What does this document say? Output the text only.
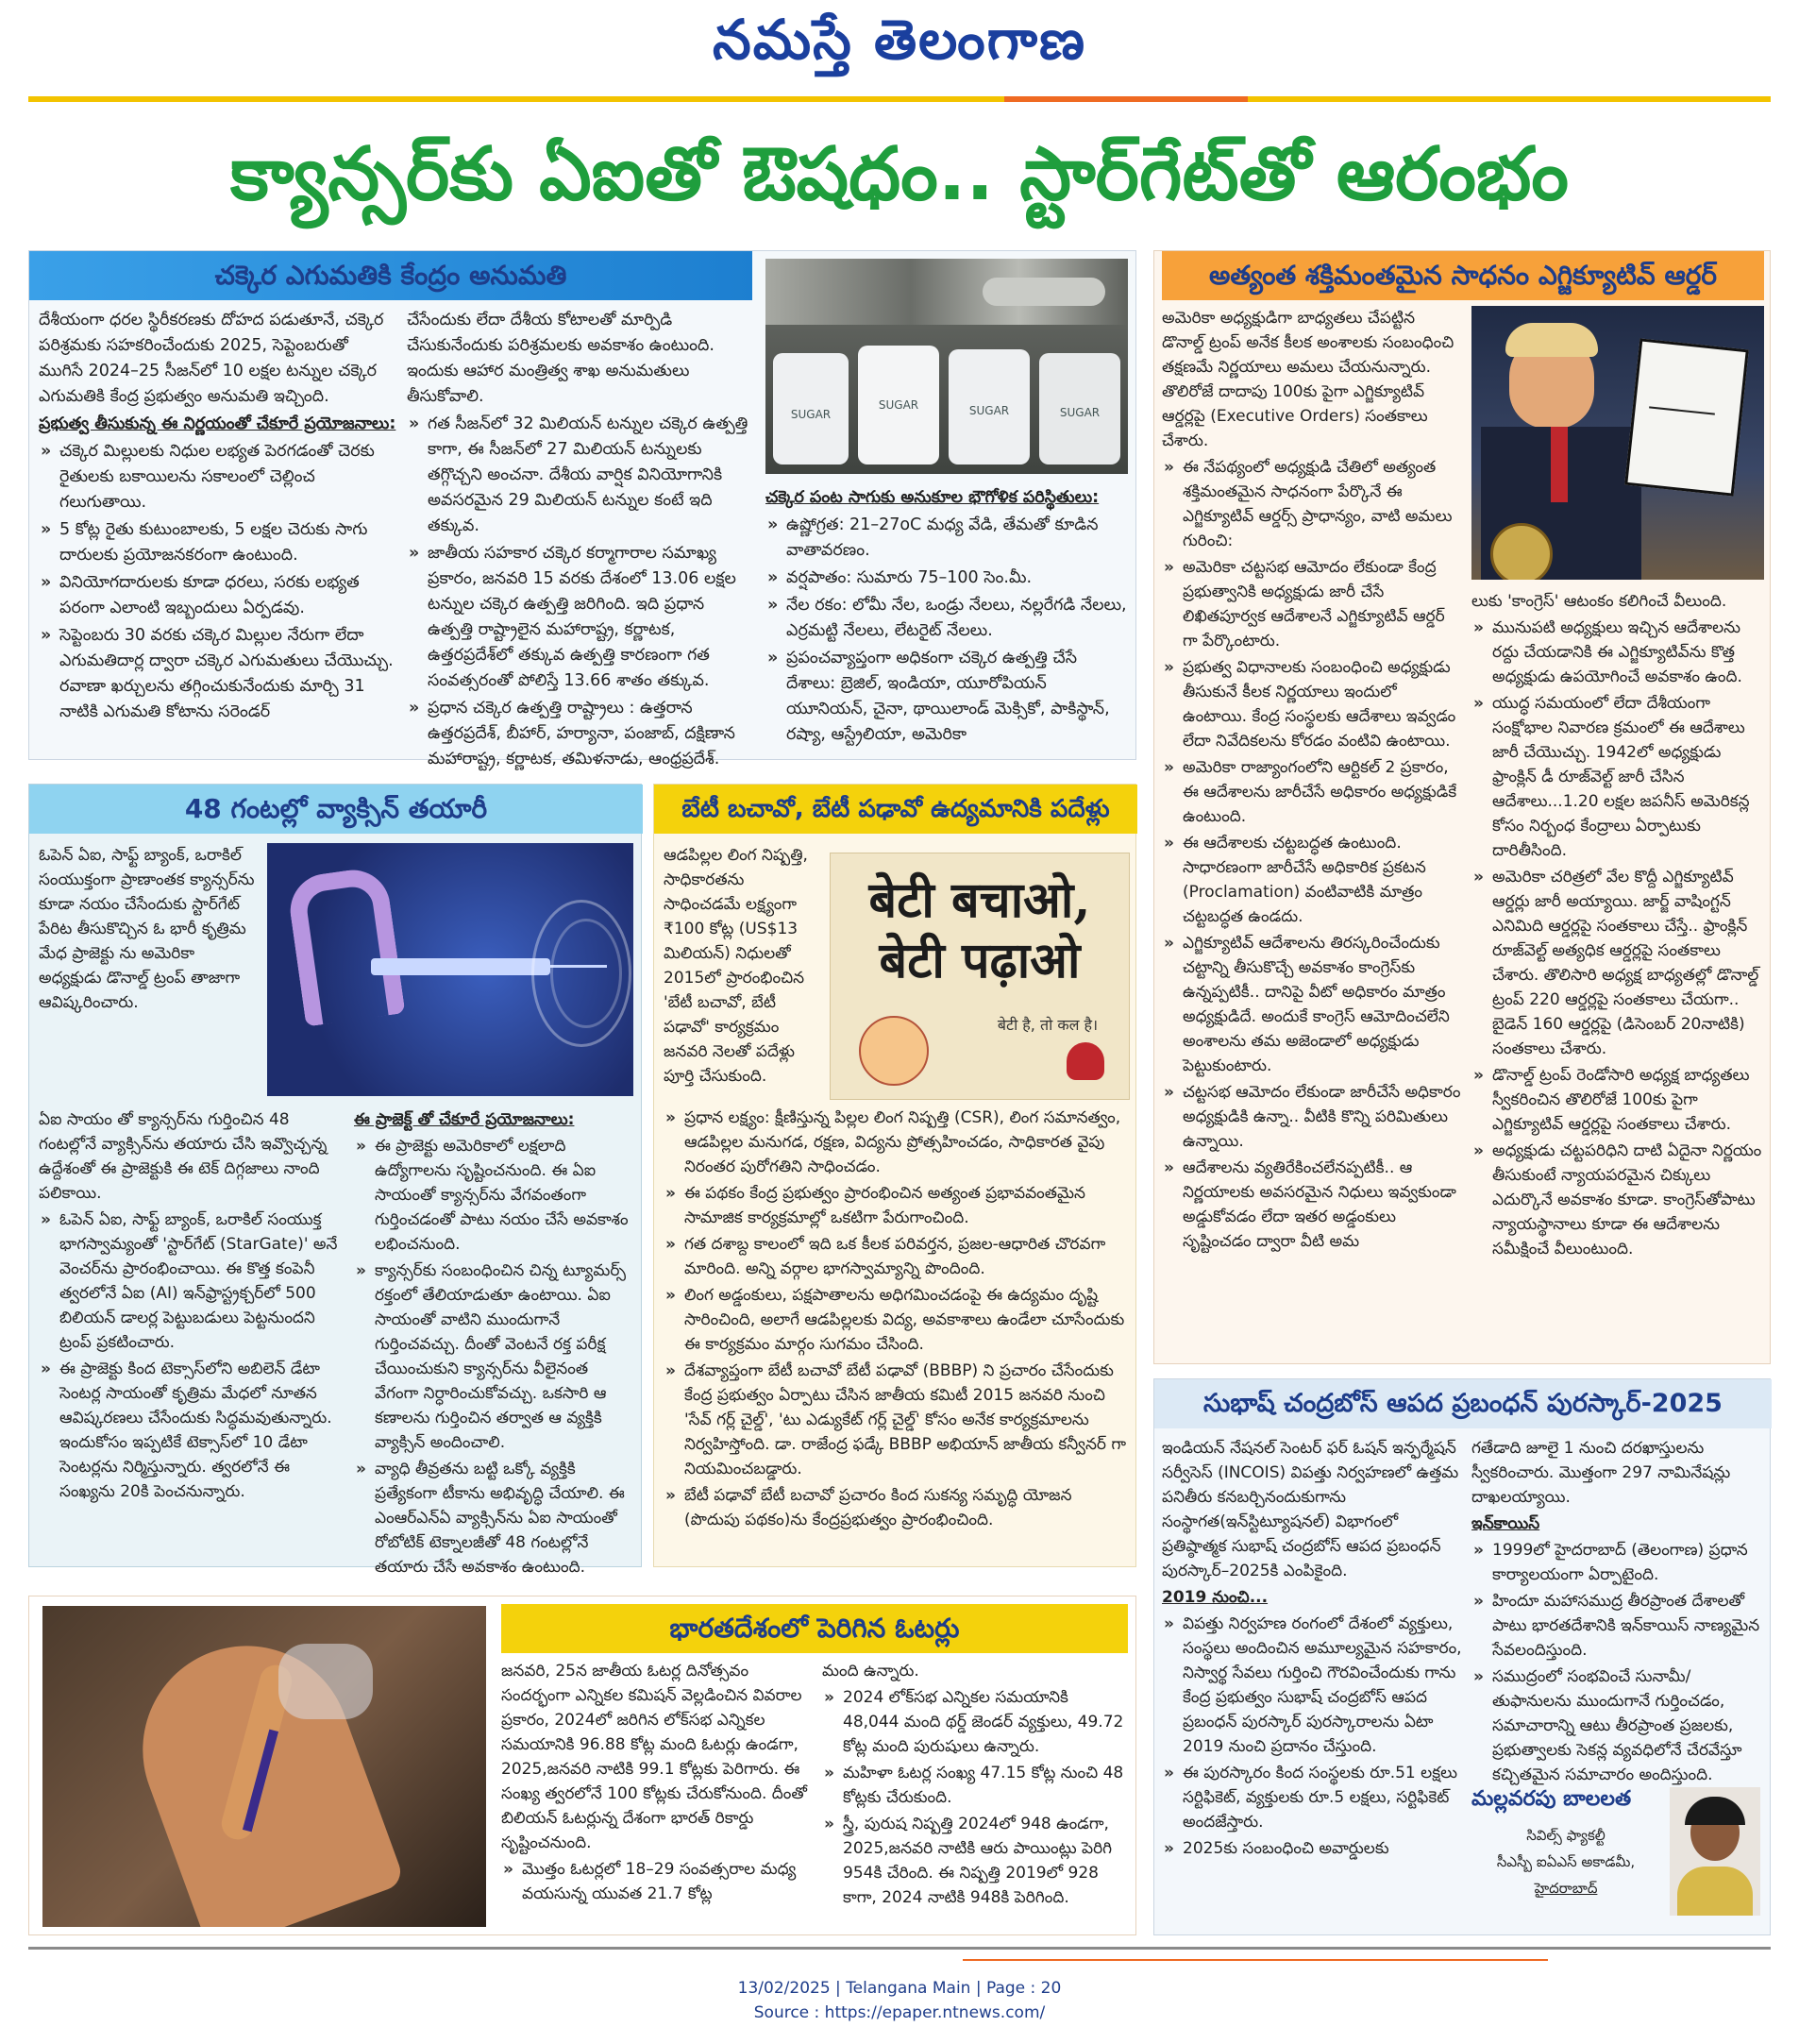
నమస్తే తెలంగాణ
క్యాన్సర్‌కు ఏఐతో ఔషధం.. స్టార్‌గేట్‌తో ఆరంభం
చక్కెర ఎగుమతికి కేంద్రం అనుమతి

దేశీయంగా ధరల స్థిరీకరణకు దోహద పడుతూనే, చక్కెర పరిశ్రమకు సహకరించేందుకు 2025, సెప్టెంబరుతో ముగిసే 2024–25 సీజన్‌లో 10 లక్షల టన్నుల చక్కెర ఎగుమతికి కేంద్ర ప్రభుత్వం అనుమతి ఇచ్చింది.

ప్రభుత్వ తీసుకున్న ఈ నిర్ణయంతో చేకూరే ప్రయోజనాలు:

» చక్కెర మిల్లులకు నిధుల లభ్యత పెరగడంతో చెరకు రైతులకు బకాయిలను సకాలంలో చెల్లించ గలుగుతాయి.

» 5 కోట్ల రైతు కుటుంబాలకు, 5 లక్షల చెరుకు సాగు దారులకు ప్రయోజనకరంగా ఉంటుంది.

» వినియోగదారులకు కూడా ధరలు, సరకు లభ్యత పరంగా ఎలాంటి ఇబ్బందులు ఏర్పడవు.

» సెప్టెంబరు 30 వరకు చక్కెర మిల్లుల నేరుగా లేదా ఎగుమతిదార్ల ద్వారా చక్కెర ఎగుమతులు చేయొచ్చు. రవాణా ఖర్చులను తగ్గించుకునేందుకు మార్చి 31 నాటికి ఎగుమతి కోటాను సరెండర్

చేసేందుకు లేదా దేశీయ కోటాలతో మార్పిడి చేసుకునేందుకు పరిశ్రమలకు అవకాశం ఉంటుంది. ఇందుకు ఆహార మంత్రిత్వ శాఖ అనుమతులు తీసుకోవాలి.

» గత సీజన్‌లో 32 మిలియన్ టన్నుల చక్కెర ఉత్పత్తి కాగా, ఈ సీజన్‌లో 27 మిలియన్ టన్నులకు తగ్గొచ్చని అంచనా. దేశీయ వార్షిక వినియోగానికి అవసరమైన 29 మిలియన్ టన్నుల కంటే ఇది తక్కువ.

» జాతీయ సహకార చక్కెర కర్మాగారాల సమాఖ్య ప్రకారం, జనవరి 15 వరకు దేశంలో 13.06 లక్షల టన్నుల చక్కెర ఉత్పత్తి జరిగింది. ఇది ప్రధాన ఉత్పత్తి రాష్ట్రాలైన మహారాష్ట్ర, కర్ణాటక, ఉత్తరప్రదేశ్‌లో తక్కువ ఉత్పత్తి కారణంగా గత సంవత్సరంతో పోలిస్తే 13.66 శాతం తక్కువ.

» ప్రధాన చక్కెర ఉత్పత్తి రాష్ట్రాలు : ఉత్తరాన ఉత్తరప్రదేశ్, బీహార్, హర్యానా, పంజాబ్, దక్షిణాన మహారాష్ట్ర, కర్ణాటక, తమిళనాడు, ఆంధ్రప్రదేశ్.

SUGAR
SUGAR	SUGAR	SUGAR

చక్కెర పంట సాగుకు అనుకూల భౌగోళిక పరిస్థితులు:

» ఉష్ణోగ్రత: 21–27oC మధ్య వేడి, తేమతో కూడిన వాతావరణం.

» వర్షపాతం: సుమారు 75–100 సెం.మీ.

» నేల రకం: లోమీ నేల, ఒండ్రు నేలలు, నల్లరేగడి నేలలు, ఎర్రమట్టి నేలలు, లేటరైట్ నేలలు.

» ప్రపంచవ్యాప్తంగా అధికంగా చక్కెర ఉత్పత్తి చేసే దేశాలు: బ్రెజిల్, ఇండియా, యూరోపియన్ యూనియన్, చైనా, థాయిలాండ్ మెక్సికో, పాకిస్థాన్, రష్యా, ఆస్ట్రేలియా, అమెరికా

అత్యంత శక్తిమంతమైన సాధనం ఎగ్జిక్యూటివ్ ఆర్డర్

అమెరికా అధ్యక్షుడిగా బాధ్యతలు చేపట్టిన డొనాల్డ్ ట్రంప్ అనేక కీలక అంశాలకు సంబంధించి తక్షణమే నిర్ణయాలు అమలు చేయనున్నారు. తొలిరోజే దాదాపు 100కు పైగా ఎగ్జిక్యూటివ్ ఆర్డర్లపై (Executive Orders) సంతకాలు చేశారు.

» ఈ నేపథ్యంలో అధ్యక్షుడి చేతిలో అత్యంత శక్తిమంతమైన సాధనంగా పేర్కొనే ఈ ఎగ్జిక్యూటివ్ ఆర్డర్స్ ప్రాధాన్యం, వాటి అమలు గురించి:

» అమెరికా చట్టసభ ఆమోదం లేకుండా కేంద్ర ప్రభుత్వానికి అధ్యక్షుడు జారీ చేసే లిఖితపూర్వక ఆదేశాలనే ఎగ్జిక్యూటివ్ ఆర్డర్ గా పేర్కొంటారు.

» ప్రభుత్వ విధానాలకు సంబంధించి అధ్యక్షుడు తీసుకునే కీలక నిర్ణయాలు ఇందులో ఉంటాయి. కేంద్ర సంస్థలకు ఆదేశాలు ఇవ్వడం లేదా నివేదికలను కోరడం వంటివి ఉంటాయి.

» అమెరికా రాజ్యాంగంలోని ఆర్టికల్ 2 ప్రకారం, ఈ ఆదేశాలను జారీచేసే అధికారం అధ్యక్షుడికే ఉంటుంది.

» ఈ ఆదేశాలకు చట్టబద్ధత ఉంటుంది. సాధారణంగా జారీచేసే అధికారిక ప్రకటన (Proclamation) వంటివాటికి మాత్రం చట్టబద్ధత ఉండదు.

» ఎగ్జిక్యూటివ్ ఆదేశాలను తిరస్కరించేందుకు చట్టాన్ని తీసుకొచ్చే అవకాశం కాంగ్రెస్‌కు ఉన్నప్పటికీ.. దానిపై వీటో అధికారం మాత్రం అధ్యక్షుడిదే. అందుకే కాంగ్రెస్ ఆమోదించలేని అంశాలను తమ అజెండాలో అధ్యక్షుడు పెట్టుకుంటారు.

» చట్టసభ ఆమోదం లేకుండా జారీచేసే అధికారం అధ్యక్షుడికి ఉన్నా.. వీటికి కొన్ని పరిమితులు ఉన్నాయి.

» ఆదేశాలను వ్యతిరేకించలేనప్పటికీ.. ఆ నిర్ణయాలకు అవసరమైన నిధులు ఇవ్వకుండా అడ్డుకోవడం లేదా ఇతర అడ్డంకులు సృష్టించడం ద్వారా వీటి అమ

లుకు 'కాంగ్రెస్' ఆటంకం కలిగించే వీలుంది.

» మునుపటి అధ్యక్షులు ఇచ్చిన ఆదేశాలను రద్దు చేయడానికి ఈ ఎగ్జిక్యూటివ్‌ను కొత్త అధ్యక్షుడు ఉపయోగించే అవకాశం ఉంది.

» యుద్ధ సమయంలో లేదా దేశీయంగా సంక్షోభాల నివారణ క్రమంలో ఈ ఆదేశాలు జారీ చేయొచ్చు. 1942లో అధ్యక్షుడు ఫ్రాంక్లిన్ డీ రూజ్‌వెల్ట్ జారీ చేసిన ఆదేశాలు...1.20 లక్షల జపనీస్ అమెరికన్ల కోసం నిర్బంధ కేంద్రాలు ఏర్పాటుకు దారితీసింది.

» అమెరికా చరిత్రలో వేల కొద్దీ ఎగ్జిక్యూటివ్ ఆర్డర్లు జారీ అయ్యాయి. జార్జ్ వాషింగ్టన్ ఎనిమిది ఆర్డర్లపై సంతకాలు చేస్తే.. ఫ్రాంక్లిన్ రూజ్‌వెల్ట్ అత్యధిక ఆర్డర్లపై సంతకాలు చేశారు. తొలిసారి అధ్యక్ష బాధ్యతల్లో డొనాల్డ్ ట్రంప్ 220 ఆర్డర్లపై సంతకాలు చేయగా.. బైడెన్ 160 ఆర్డర్లపై (డిసెంబర్ 20నాటికి) సంతకాలు చేశారు.

» డొనాల్డ్ ట్రంప్ రెండోసారి అధ్యక్ష బాధ్యతలు స్వీకరించిన తొలిరోజే 100కు పైగా ఎగ్జిక్యూటివ్ ఆర్డర్లపై సంతకాలు చేశారు.

» అధ్యక్షుడు చట్టపరిధిని దాటి ఏదైనా నిర్ణయం తీసుకుంటే న్యాయపరమైన చిక్కులు ఎదుర్కొనే అవకాశం కూడా. కాంగ్రెస్‌తోపాటు న్యాయస్థానాలు కూడా ఈ ఆదేశాలను సమీక్షించే వీలుంటుంది.

48 గంటల్లో వ్యాక్సిన్ తయారీ

ఓపెన్ ఏఐ, సాఫ్ట్ బ్యాంక్, ఒరాకిల్ సంయుక్తంగా ప్రాణాంతక క్యాన్సర్‌ను కూడా నయం చేసేందుకు స్టార్‌గేట్ పేరిట తీసుకొచ్చిన ఓ భారీ కృత్రిమ మేధ ప్రాజెక్టు ను అమెరికా అధ్యక్షుడు డొనాల్డ్ ట్రంప్ తాజాగా ఆవిష్కరించారు.

ఏఐ సాయం తో క్యాన్సర్‌ను గుర్తించిన 48 గంటల్లోనే వ్యాక్సిన్‌ను తయారు చేసి ఇవ్వొచ్చన్న ఉద్దేశంతో ఈ ప్రాజెక్టుకి ఈ టెక్ దిగ్గజాలు నాంది పలికాయి.

» ఓపెన్ ఏఐ, సాఫ్ట్ బ్యాంక్, ఒరాకిల్ సంయుక్త భాగస్వామ్యంతో 'స్టార్‌గేట్ (StarGate)' అనే వెంచర్‌ను ప్రారంభించాయి. ఈ కొత్త కంపెనీ త్వరలోనే ఏఐ (AI) ఇన్‌ఫ్రాస్ట్రక్చర్‌లో 500 బిలియన్ డాలర్ల పెట్టుబడులు పెట్టనుందని ట్రంప్ ప్రకటించారు.

» ఈ ప్రాజెక్టు కింద టెక్సాస్‌లోని అబిలెన్ డేటా సెంటర్ల సాయంతో కృత్రిమ మేధలో నూతన ఆవిష్కరణలు చేసేందుకు సిద్ధమవుతున్నారు. ఇందుకోసం ఇప్పటికే టెక్సాస్‌లో 10 డేటా సెంటర్లను నిర్మిస్తున్నారు. త్వరలోనే ఈ సంఖ్యను 20కి పెంచనున్నారు.

ఈ ప్రాజెక్ట్ తో చేకూరే ప్రయోజనాలు:

» ఈ ప్రాజెక్టు అమెరికాలో లక్షలాది ఉద్యోగాలను సృష్టించనుంది. ఈ ఏఐ సాయంతో క్యాన్సర్‌ను వేగవంతంగా గుర్తించడంతో పాటు నయం చేసే అవకాశం లభించనుంది.

» క్యాన్సర్‌కు సంబంధించిన చిన్న ట్యూమర్స్ రక్తంలో తేలియాడుతూ ఉంటాయి. ఏఐ సాయంతో వాటిని ముందుగానే గుర్తించవచ్చు. దీంతో వెంటనే రక్త పరీక్ష చేయించుకుని క్యాన్సర్‌ను వీలైనంత వేగంగా నిర్ధారించుకోవచ్చు. ఒకసారి ఆ కణాలను గుర్తించిన తర్వాత ఆ వ్యక్తికి వ్యాక్సిన్ అందించాలి.

» వ్యాధి తీవ్రతను బట్టి ఒక్కో వ్యక్తికి ప్రత్యేకంగా టీకాను అభివృద్ధి చేయాలి. ఈ ఎంఆర్‌ఎన్ఏ వ్యాక్సిన్‌ను ఏఐ సాయంతో రోబోటిక్ టెక్నాలజీతో 48 గంటల్లోనే తయారు చేసే అవకాశం ఉంటుంది.

బేటీ బచావో, బేటీ పఢావో ఉద్యమానికి పదేళ్లు

ఆడపిల్లల లింగ నిష్పత్తి, సాధికారతను సాధించడమే లక్ష్యంగా ₹100 కోట్ల (US$13 మిలియన్) నిధులతో 2015లో ప్రారంభించిన 'బేటీ బచావో, బేటీ పఢావో' కార్యక్రమం జనవరి నెలతో పదేళ్లు పూర్తి చేసుకుంది.

बेटी बचाओ,
बेटी पढ़ाओ
बेटी है, तो कल है।

» ప్రధాన లక్ష్యం: క్షీణిస్తున్న పిల్లల లింగ నిష్పత్తి (CSR), లింగ సమానత్వం, ఆడపిల్లల మనుగడ, రక్షణ, విద్యను ప్రోత్సహించడం, సాధికారత వైపు నిరంతర పురోగతిని సాధించడం.

» ఈ పథకం కేంద్ర ప్రభుత్వం ప్రారంభించిన అత్యంత ప్రభావవంతమైన సామాజిక కార్యక్రమాల్లో ఒకటిగా పేరుగాంచింది.

» గత దశాబ్ద కాలంలో ఇది ఒక కీలక పరివర్తన, ప్రజల-ఆధారిత చొరవగా మారింది. అన్ని వర్గాల భాగస్వామ్యాన్ని పొందింది.

» లింగ అడ్డంకులు, పక్షపాతాలను అధిగమించడంపై ఈ ఉద్యమం దృష్టి సారించింది, అలాగే ఆడపిల్లలకు విద్య, అవకాశాలు ఉండేలా చూసేందుకు ఈ కార్యక్రమం మార్గం సుగమం చేసింది.

» దేశవ్యాప్తంగా బేటీ బచావో బేటీ పఢావో (BBBP) ని ప్రచారం చేసేందుకు కేంద్ర ప్రభుత్వం ఏర్పాటు చేసిన జాతీయ కమిటీ 2015 జనవరి నుంచి 'సేవ్ గర్ల్ చైల్డ్', 'టు ఎడ్యుకేట్ గర్ల్ చైల్డ్' కోసం అనేక కార్యక్రమాలను నిర్వహిస్తోంది. డా. రాజేంద్ర ఫడ్కే BBBP అభియాన్ జాతీయ కన్వీనర్ గా నియమించబడ్డారు.

» బేటీ పఢావో బేటీ బచావో ప్రచారం కింద సుకన్య సమృద్ధి యోజన (పొదుపు పథకం)ను కేంద్రప్రభుత్వం ప్రారంభించింది.

సుభాష్ చంద్రబోస్ ఆపద ప్రబంధన్ పురస్కార్-2025

ఇండియన్ నేషనల్ సెంటర్ ఫర్ ఓషన్ ఇన్ఫర్మేషన్ సర్వీసెస్ (INCOIS) విపత్తు నిర్వహణలో ఉత్తమ పనితీరు కనబర్చినందుకుగాను సంస్థాగత(ఇన్‌స్టిట్యూషనల్) విభాగంలో ప్రతిష్ఠాత్మక సుభాష్ చంద్రబోస్ ఆపద ప్రబంధన్ పురస్కార్–2025కి ఎంపికైంది.

2019 నుంచి...

» విపత్తు నిర్వహణ రంగంలో దేశంలో వ్యక్తులు, సంస్థలు అందించిన అమూల్యమైన సహకారం, నిస్వార్థ సేవలు గుర్తించి గౌరవించేందుకు గాను కేంద్ర ప్రభుత్వం సుభాష్ చంద్రబోస్ ఆపద ప్రబంధన్ పురస్కార్ పురస్కారాలను ఏటా 2019 నుంచి ప్రదానం చేస్తుంది.

» ఈ పురస్కారం కింద సంస్థలకు రూ.51 లక్షలు సర్టిఫికెట్, వ్యక్తులకు రూ.5 లక్షలు, సర్టిఫికెట్ అందజేస్తారు.

» 2025కు సంబంధించి అవార్డులకు

గతేడాది జూలై 1 నుంచి దరఖాస్తులను స్వీకరించారు. మొత్తంగా 297 నామినేషన్లు దాఖలయ్యాయి.

ఇన్‌కాయిస్

» 1999లో హైదరాబాద్ (తెలంగాణ) ప్రధాన కార్యాలయంగా ఏర్పాటైంది.

» హిందూ మహాసముద్ర తీరప్రాంత దేశాలతో పాటు భారతదేశానికి ఇన్‌కాయిస్ నాణ్యమైన సేవలందిస్తుంది.

» సముద్రంలో సంభవించే సునామీ/తుఫానులను ముందుగానే గుర్తించడం, సమాచారాన్ని ఆటు తీరప్రాంత ప్రజలకు, ప్రభుత్వాలకు సెకన్ల వ్యవధిలోనే చేరవేస్తూ కచ్చితమైన సమాచారం అందిస్తుంది.

మల్లవరపు బాలలత
సివిల్స్ ఫ్యాకల్టీ
సీఎస్బీ ఐఏఎస్ అకాడమీ,
హైదరాబాద్
భారతదేశంలో పెరిగిన ఓటర్లు

జనవరి, 25న జాతీయ ఓటర్ల దినోత్సవం సందర్భంగా ఎన్నికల కమిషన్ వెల్లడించిన వివరాల ప్రకారం, 2024లో జరిగిన లోక్‌సభ ఎన్నికల సమయానికి 96.88 కోట్ల మంది ఓటర్లు ఉండగా, 2025,జనవరి నాటికి 99.1 కోట్లకు పెరిగారు. ఈ సంఖ్య త్వరలోనే 100 కోట్లకు చేరుకోనుంది. దీంతో బిలియన్ ఓటర్లున్న దేశంగా భారత్ రికార్డు సృష్టించనుంది.

» మొత్తం ఓటర్లలో 18–29 సంవత్సరాల మధ్య వయసున్న యువత 21.7 కోట్ల

మంది ఉన్నారు.

» 2024 లోక్‌సభ ఎన్నికల సమయానికి 48,044 మంది థర్డ్ జెండర్ వ్యక్తులు, 49.72 కోట్ల మంది పురుషులు ఉన్నారు.

» మహిళా ఓటర్ల సంఖ్య 47.15 కోట్ల నుంచి 48 కోట్లకు చేరుకుంది.

» స్త్రీ, పురుష నిష్పత్తి 2024లో 948 ఉండగా, 2025,జనవరి నాటికి ఆరు పాయింట్లు పెరిగి 954కి చేరింది. ఈ నిష్పత్తి 2019లో 928 కాగా, 2024 నాటికి 948కి పెరిగింది.

13/02/2025 | Telangana Main | Page : 20
Source : https://epaper.ntnews.com/
